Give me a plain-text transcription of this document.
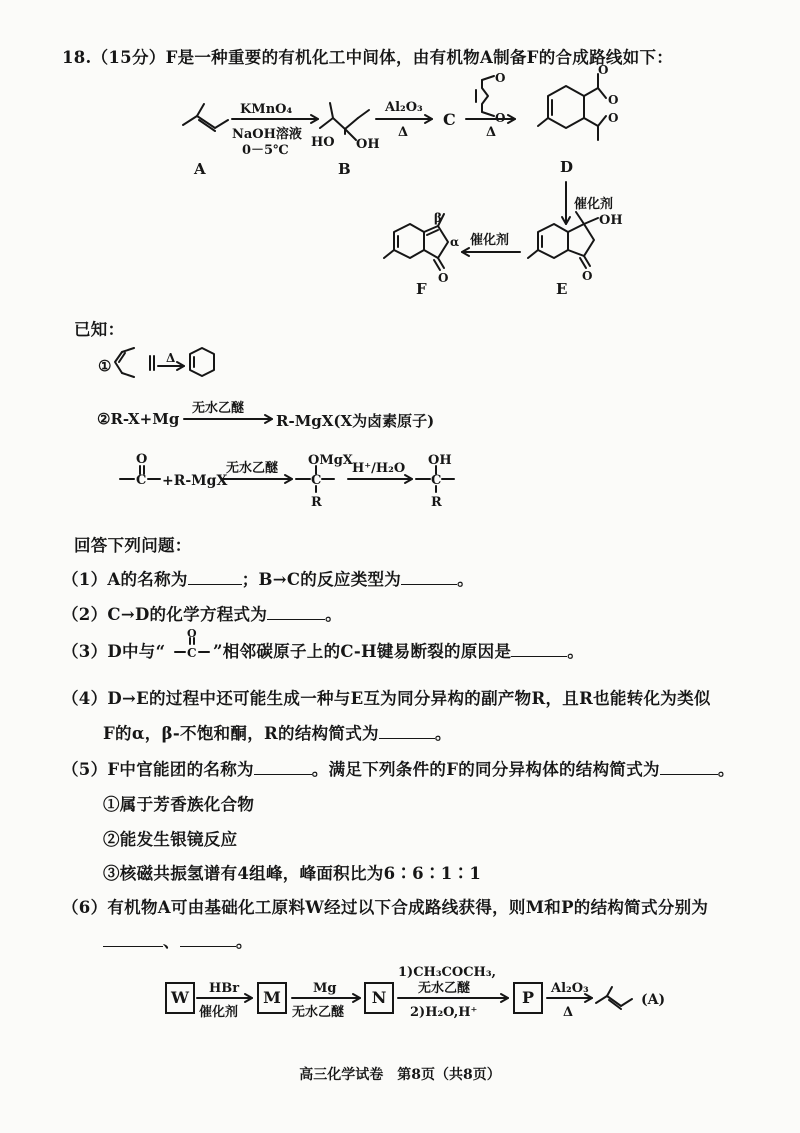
18.（15分）F是一种重要的有机化工中间体，由有机物A制备F的合成路线如下：
KMnO₄
NaOH溶液
0－5℃
A
HO OH
B
Al₂O₃
Δ
C
O
O
Δ
O
O
O
D
催化剂
OH
O
E
催化剂
β
α
O
F
①	Δ
无水乙醚
O
C +R-MgX
无水乙醚
OMgX
C
R
H⁺/H₂O
OH
C
R
O
C
HBr
催化剂
Mg
无水乙醚
1)CH₃COCH₃,
无水乙醚
2)H₂O,H⁺
Al₂O₃
Δ
(A)
已知：
②R-X+Mg	R-MgX(X为卤素原子)
回答下列问题：
（1）A的名称为	；B→C的反应类型为	。
（2）C→D的化学方程式为	。
（3）D中与“	”相邻碳原子上的C-H键易断裂的原因是	。
（4）D→E的过程中还可能生成一种与E互为同分异构的副产物R，且R也能转化为类似
F的α，β-不饱和酮，R的结构简式为	。
（5）F中官能团的名称为	。满足下列条件的F的同分异构体的结构简式为	。
①属于芳香族化合物
②能发生银镜反应
③核磁共振氢谱有4组峰，峰面积比为6∶6∶1∶1
（6）有机物A可由基础化工原料W经过以下合成路线获得，则M和P的结构简式分别为
、	。
W	M	N	P
高三化学试卷　第8页（共8页）
